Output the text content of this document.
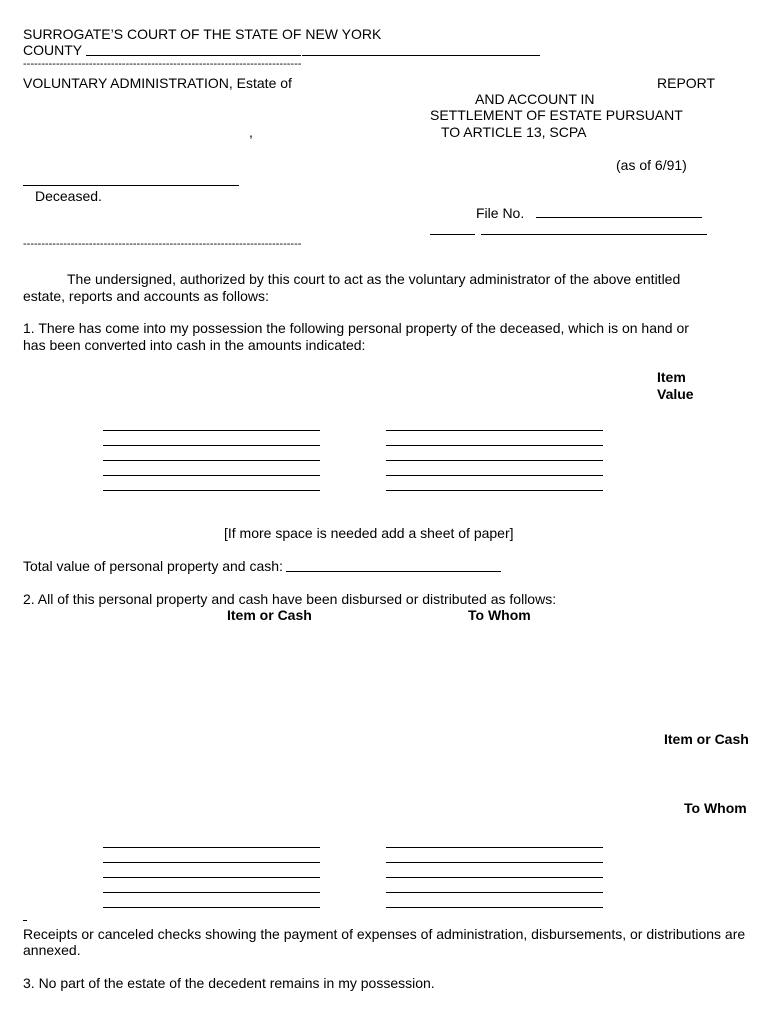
SURROGATE’S COURT OF THE STATE OF NEW YORK
COUNTY
----------------------------------------------------------------------------
VOLUNTARY ADMINISTRATION, Estate of	REPORT
AND ACCOUNT IN
SETTLEMENT OF ESTATE PURSUANT
,	TO ARTICLE 13, SCPA
(as of 6/91)
Deceased.
File No.
----------------------------------------------------------------------------
The undersigned, authorized by this court to act as the voluntary administrator of the above entitled
estate, reports and accounts as follows:
1. There has come into my possession the following personal property of the deceased, which is on hand or
has been converted into cash in the amounts indicated:
Item
Value
[If more space is needed add a sheet of paper]
Total value of personal property and cash:
2. All of this personal property and cash have been disbursed or distributed as follows:
Item or Cash	To Whom
Item or Cash
To Whom
Receipts or canceled checks showing the payment of expenses of administration, disbursements, or distributions are
annexed.
3. No part of the estate of the decedent remains in my possession.
